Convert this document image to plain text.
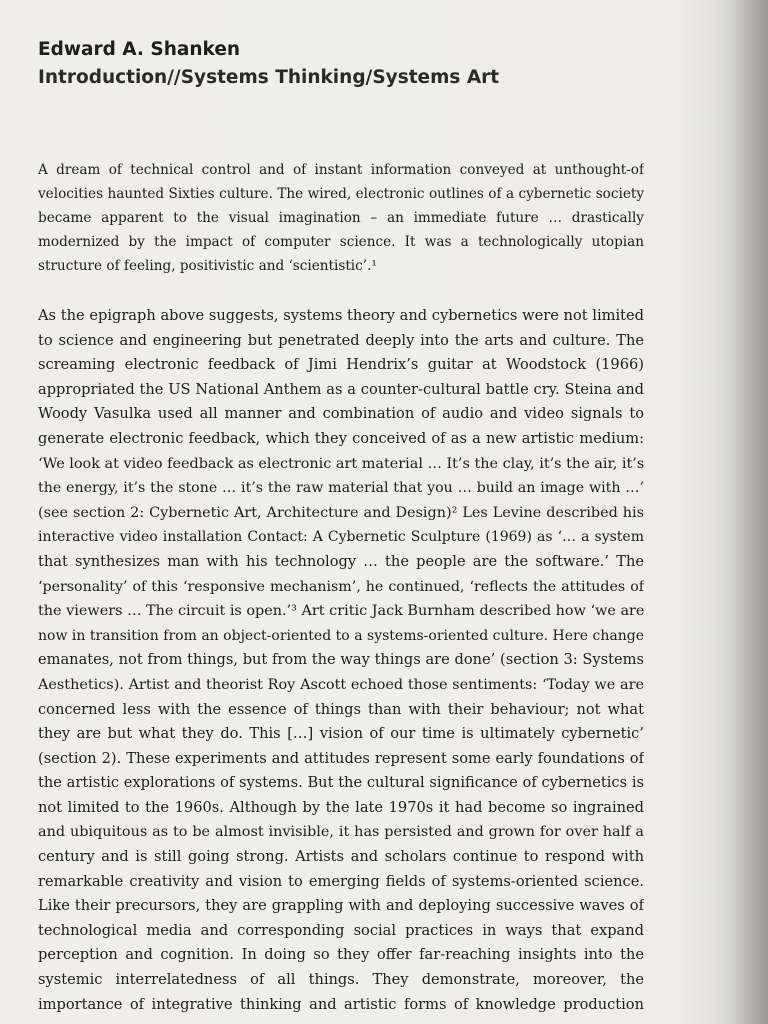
Edward A. Shanken
Introduction//Systems Thinking/Systems Art
A dream of technical control and of instant information conveyed at unthought-of
velocities haunted Sixties culture. The wired, electronic outlines of a cybernetic society
became apparent to the visual imagination – an immediate future … drastically
modernized by the impact of computer science. It was a technologically utopian
structure of feeling, positivistic and ‘scientistic’.¹
As the epigraph above suggests, systems theory and cybernetics were not limited
to science and engineering but penetrated deeply into the arts and culture. The
screaming electronic feedback of Jimi Hendrix’s guitar at Woodstock (1966)
appropriated the US National Anthem as a counter-cultural battle cry. Steina and
Woody Vasulka used all manner and combination of audio and video signals to
generate electronic feedback, which they conceived of as a new artistic medium:
‘We look at video feedback as electronic art material … It’s the clay, it’s the air, it’s
the energy, it’s the stone … it’s the raw material that you … build an image with …’
(see section 2: Cybernetic Art, Architecture and Design)² Les Levine described his
interactive video installation Contact: A Cybernetic Sculpture (1969) as ‘… a system
that synthesizes man with his technology … the people are the software.’ The
‘personality’ of this ‘responsive mechanism’, he continued, ‘reflects the attitudes of
the viewers … The circuit is open.’³ Art critic Jack Burnham described how ‘we are
now in transition from an object-oriented to a systems-oriented culture. Here change
emanates, not from things, but from the way things are done’ (section 3: Systems
Aesthetics). Artist and theorist Roy Ascott echoed those sentiments: ‘Today we are
concerned less with the essence of things than with their behaviour; not what
they are but what they do. This […] vision of our time is ultimately cybernetic’
(section 2). These experiments and attitudes represent some early foundations of
the artistic explorations of systems. But the cultural significance of cybernetics is
not limited to the 1960s. Although by the late 1970s it had become so ingrained
and ubiquitous as to be almost invisible, it has persisted and grown for over half a
century and is still going strong. Artists and scholars continue to respond with
remarkable creativity and vision to emerging fields of systems-oriented science.
Like their precursors, they are grappling with and deploying successive waves of
technological media and corresponding social practices in ways that expand
perception and cognition. In doing so they offer far-reaching insights into the
systemic interrelatedness of all things. They demonstrate, moreover, the
importance of integrative thinking and artistic forms of knowledge production
